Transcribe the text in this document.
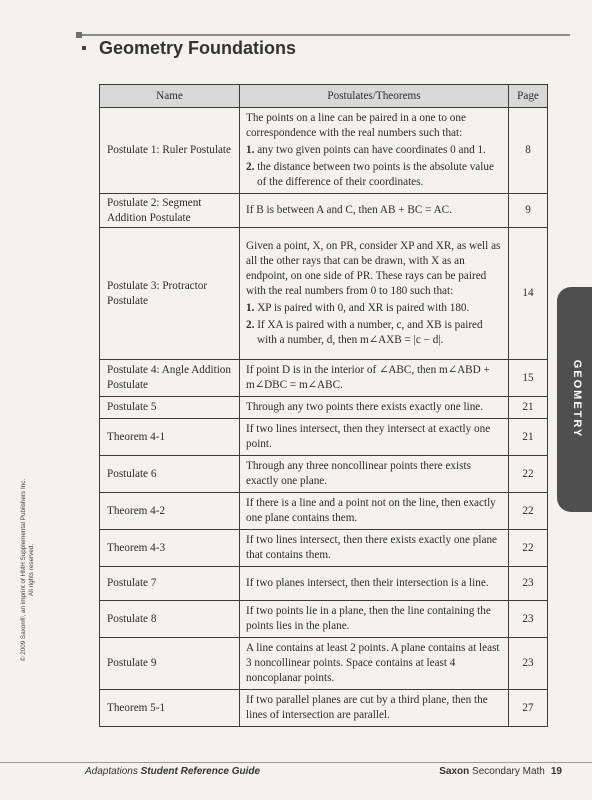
Geometry Foundations
Name	Postulates/Theorems	Page
Postulate 1: Ruler Postulate	The points on a line can be paired in a one to one correspondence with the real numbers such that:

1. any two given points can have coordinates 0 and 1.
2. the distance between two points is the absolute value of the difference of their coordinates.	8
Postulate 2: Segment Addition Postulate	If B is between A and C, then AB + BC = AC.	9
Postulate 3: Protractor Postulate	Given a point, X, on PR, consider XP and XR, as well as all the other rays that can be drawn, with X as an endpoint, on one side of PR. These rays can be paired with the real numbers from 0 to 180 such that:

1. XP is paired with 0, and XR is paired with 180.
2. If XA is paired with a number, c, and XB is paired with a number, d, then m∠AXB = |c − d|.	14
Postulate 4: Angle Addition Postulate	If point D is in the interior of ∠ABC, then m∠ABD + m∠DBC = m∠ABC.	15
Postulate 5	Through any two points there exists exactly one line.	21
Theorem 4-1	If two lines intersect, then they intersect at exactly one point.	21
Postulate 6	Through any three noncollinear points there exists exactly one plane.	22
Theorem 4-2	If there is a line and a point not on the line, then exactly one plane contains them.	22
Theorem 4-3	If two lines intersect, then there exists exactly one plane that contains them.	22
Postulate 7	If two planes intersect, then their intersection is a line.	23
Postulate 8	If two points lie in a plane, then the line containing the points lies in the plane.	23
Postulate 9	A line contains at least 2 points. A plane contains at least 3 noncollinear points. Space contains at least 4 noncoplanar points.	23
Theorem 5-1	If two parallel planes are cut by a third plane, then the lines of intersection are parallel.	27
GEOMETRY
© 2009 Saxon®, an imprint of HMH Supplemental Publishers Inc. All rights reserved.
Adaptations Student Reference Guide	Saxon Secondary Math 19
